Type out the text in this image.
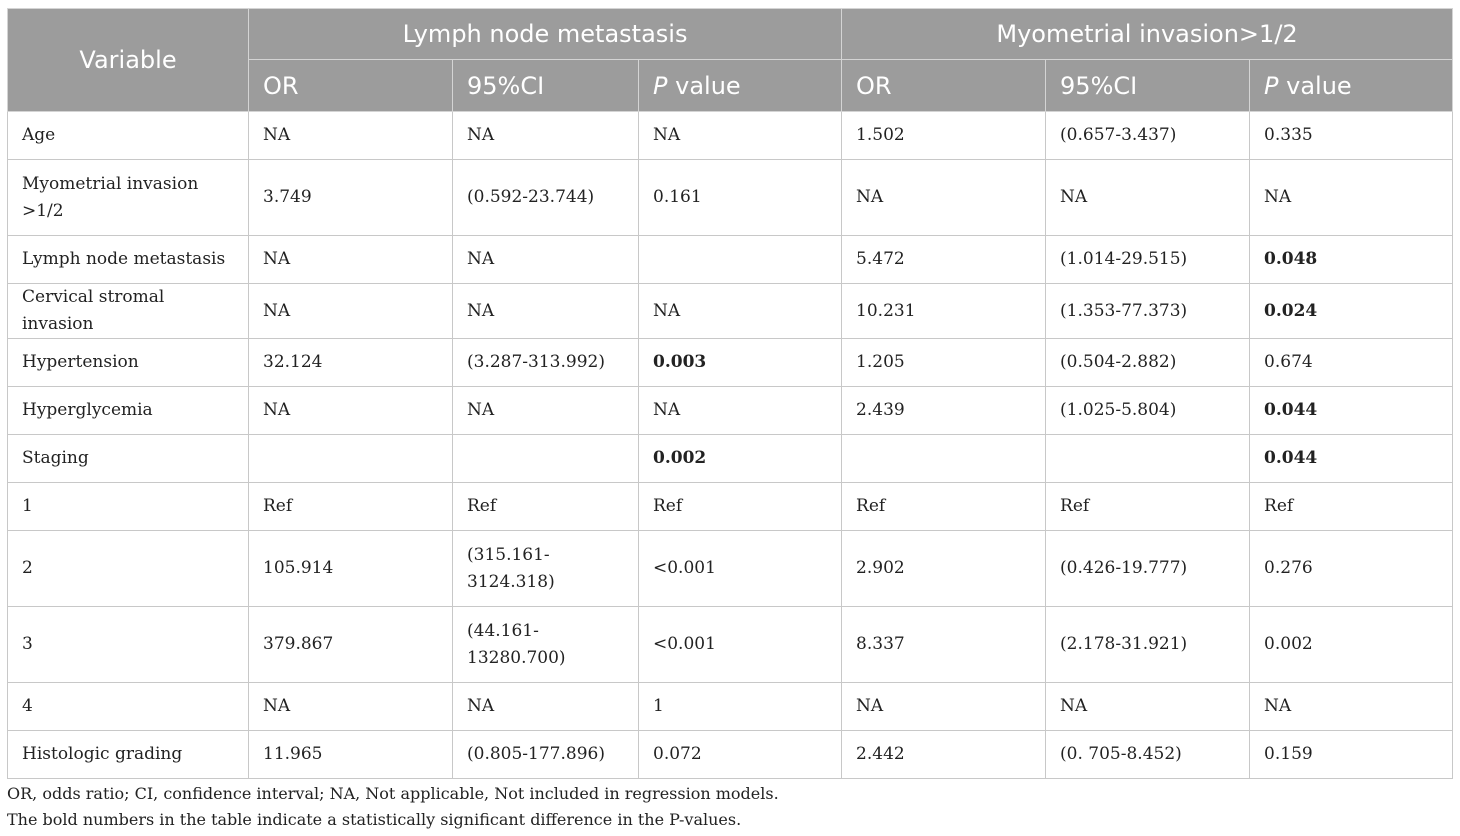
Variable	Lymph node metastasis			Myometrial invasion>1/2		
	OR	95%CI	P value	OR	95%CI	P value
Age	NA	NA	NA	1.502	(0.657-3.437)	0.335
Myometrial invasion >1/2	3.749	(0.592-23.744)	0.161	NA	NA	NA
Lymph node metastasis	NA	NA		5.472	(1.014-29.515)	0.048
Cervical stromal invasion	NA	NA	NA	10.231	(1.353-77.373)	0.024
Hypertension	32.124	(3.287-313.992)	0.003	1.205	(0.504-2.882)	0.674
Hyperglycemia	NA	NA	NA	2.439	(1.025-5.804)	0.044
Staging			0.002			0.044
1	Ref	Ref	Ref	Ref	Ref	Ref
2	105.914	(315.161-3124.318)	<0.001	2.902	(0.426-19.777)	0.276
3	379.867	(44.161-13280.700)	<0.001	8.337	(2.178-31.921)	0.002
4	NA	NA	1	NA	NA	NA
Histologic grading	11.965	(0.805-177.896)	0.072	2.442	(0. 705-8.452)	0.159
OR, odds ratio; CI, confidence interval; NA, Not applicable, Not included in regression models.
The bold numbers in the table indicate a statistically significant difference in the P-values.
